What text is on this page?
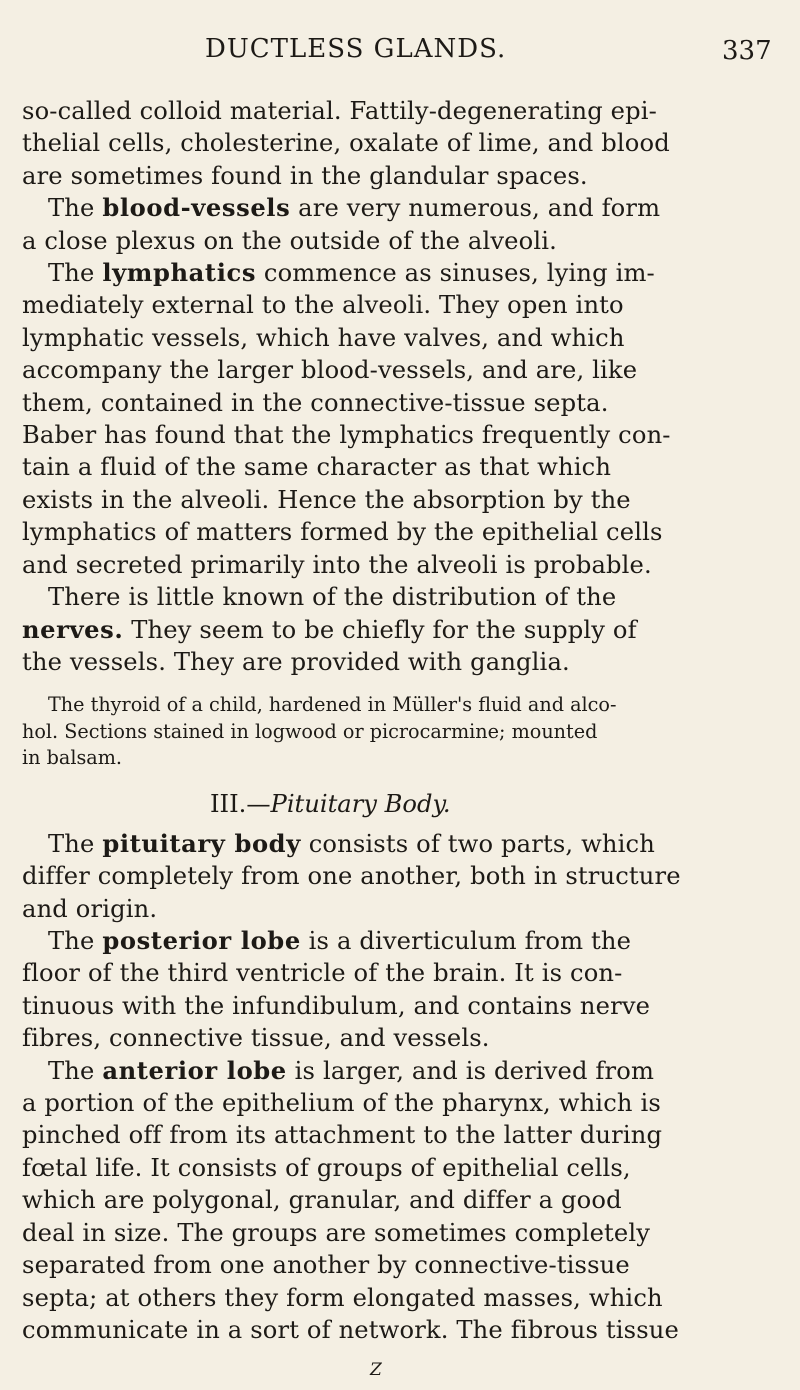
DUCTLESS GLANDS.	337
so-called colloid material. Fattily-degenerating epi-
thelial cells, cholesterine, oxalate of lime, and blood
are sometimes found in the glandular spaces.
The blood-vessels are very numerous, and form
a close plexus on the outside of the alveoli.
The lymphatics commence as sinuses, lying im-
mediately external to the alveoli. They open into
lymphatic vessels, which have valves, and which
accompany the larger blood-vessels, and are, like
them, contained in the connective-tissue septa.
Baber has found that the lymphatics frequently con-
tain a fluid of the same character as that which
exists in the alveoli. Hence the absorption by the
lymphatics of matters formed by the epithelial cells
and secreted primarily into the alveoli is probable.
There is little known of the distribution of the
nerves. They seem to be chiefly for the supply of
the vessels. They are provided with ganglia.
The thyroid of a child, hardened in Müller's fluid and alco-
hol. Sections stained in logwood or picrocarmine; mounted
in balsam.
III.—Pituitary Body.
The pituitary body consists of two parts, which
differ completely from one another, both in structure
and origin.
The posterior lobe is a diverticulum from the
floor of the third ventricle of the brain. It is con-
tinuous with the infundibulum, and contains nerve
fibres, connective tissue, and vessels.
The anterior lobe is larger, and is derived from
a portion of the epithelium of the pharynx, which is
pinched off from its attachment to the latter during
fœtal life. It consists of groups of epithelial cells,
which are polygonal, granular, and differ a good
deal in size. The groups are sometimes completely
separated from one another by connective-tissue
septa; at others they form elongated masses, which
communicate in a sort of network. The fibrous tissue
Z
